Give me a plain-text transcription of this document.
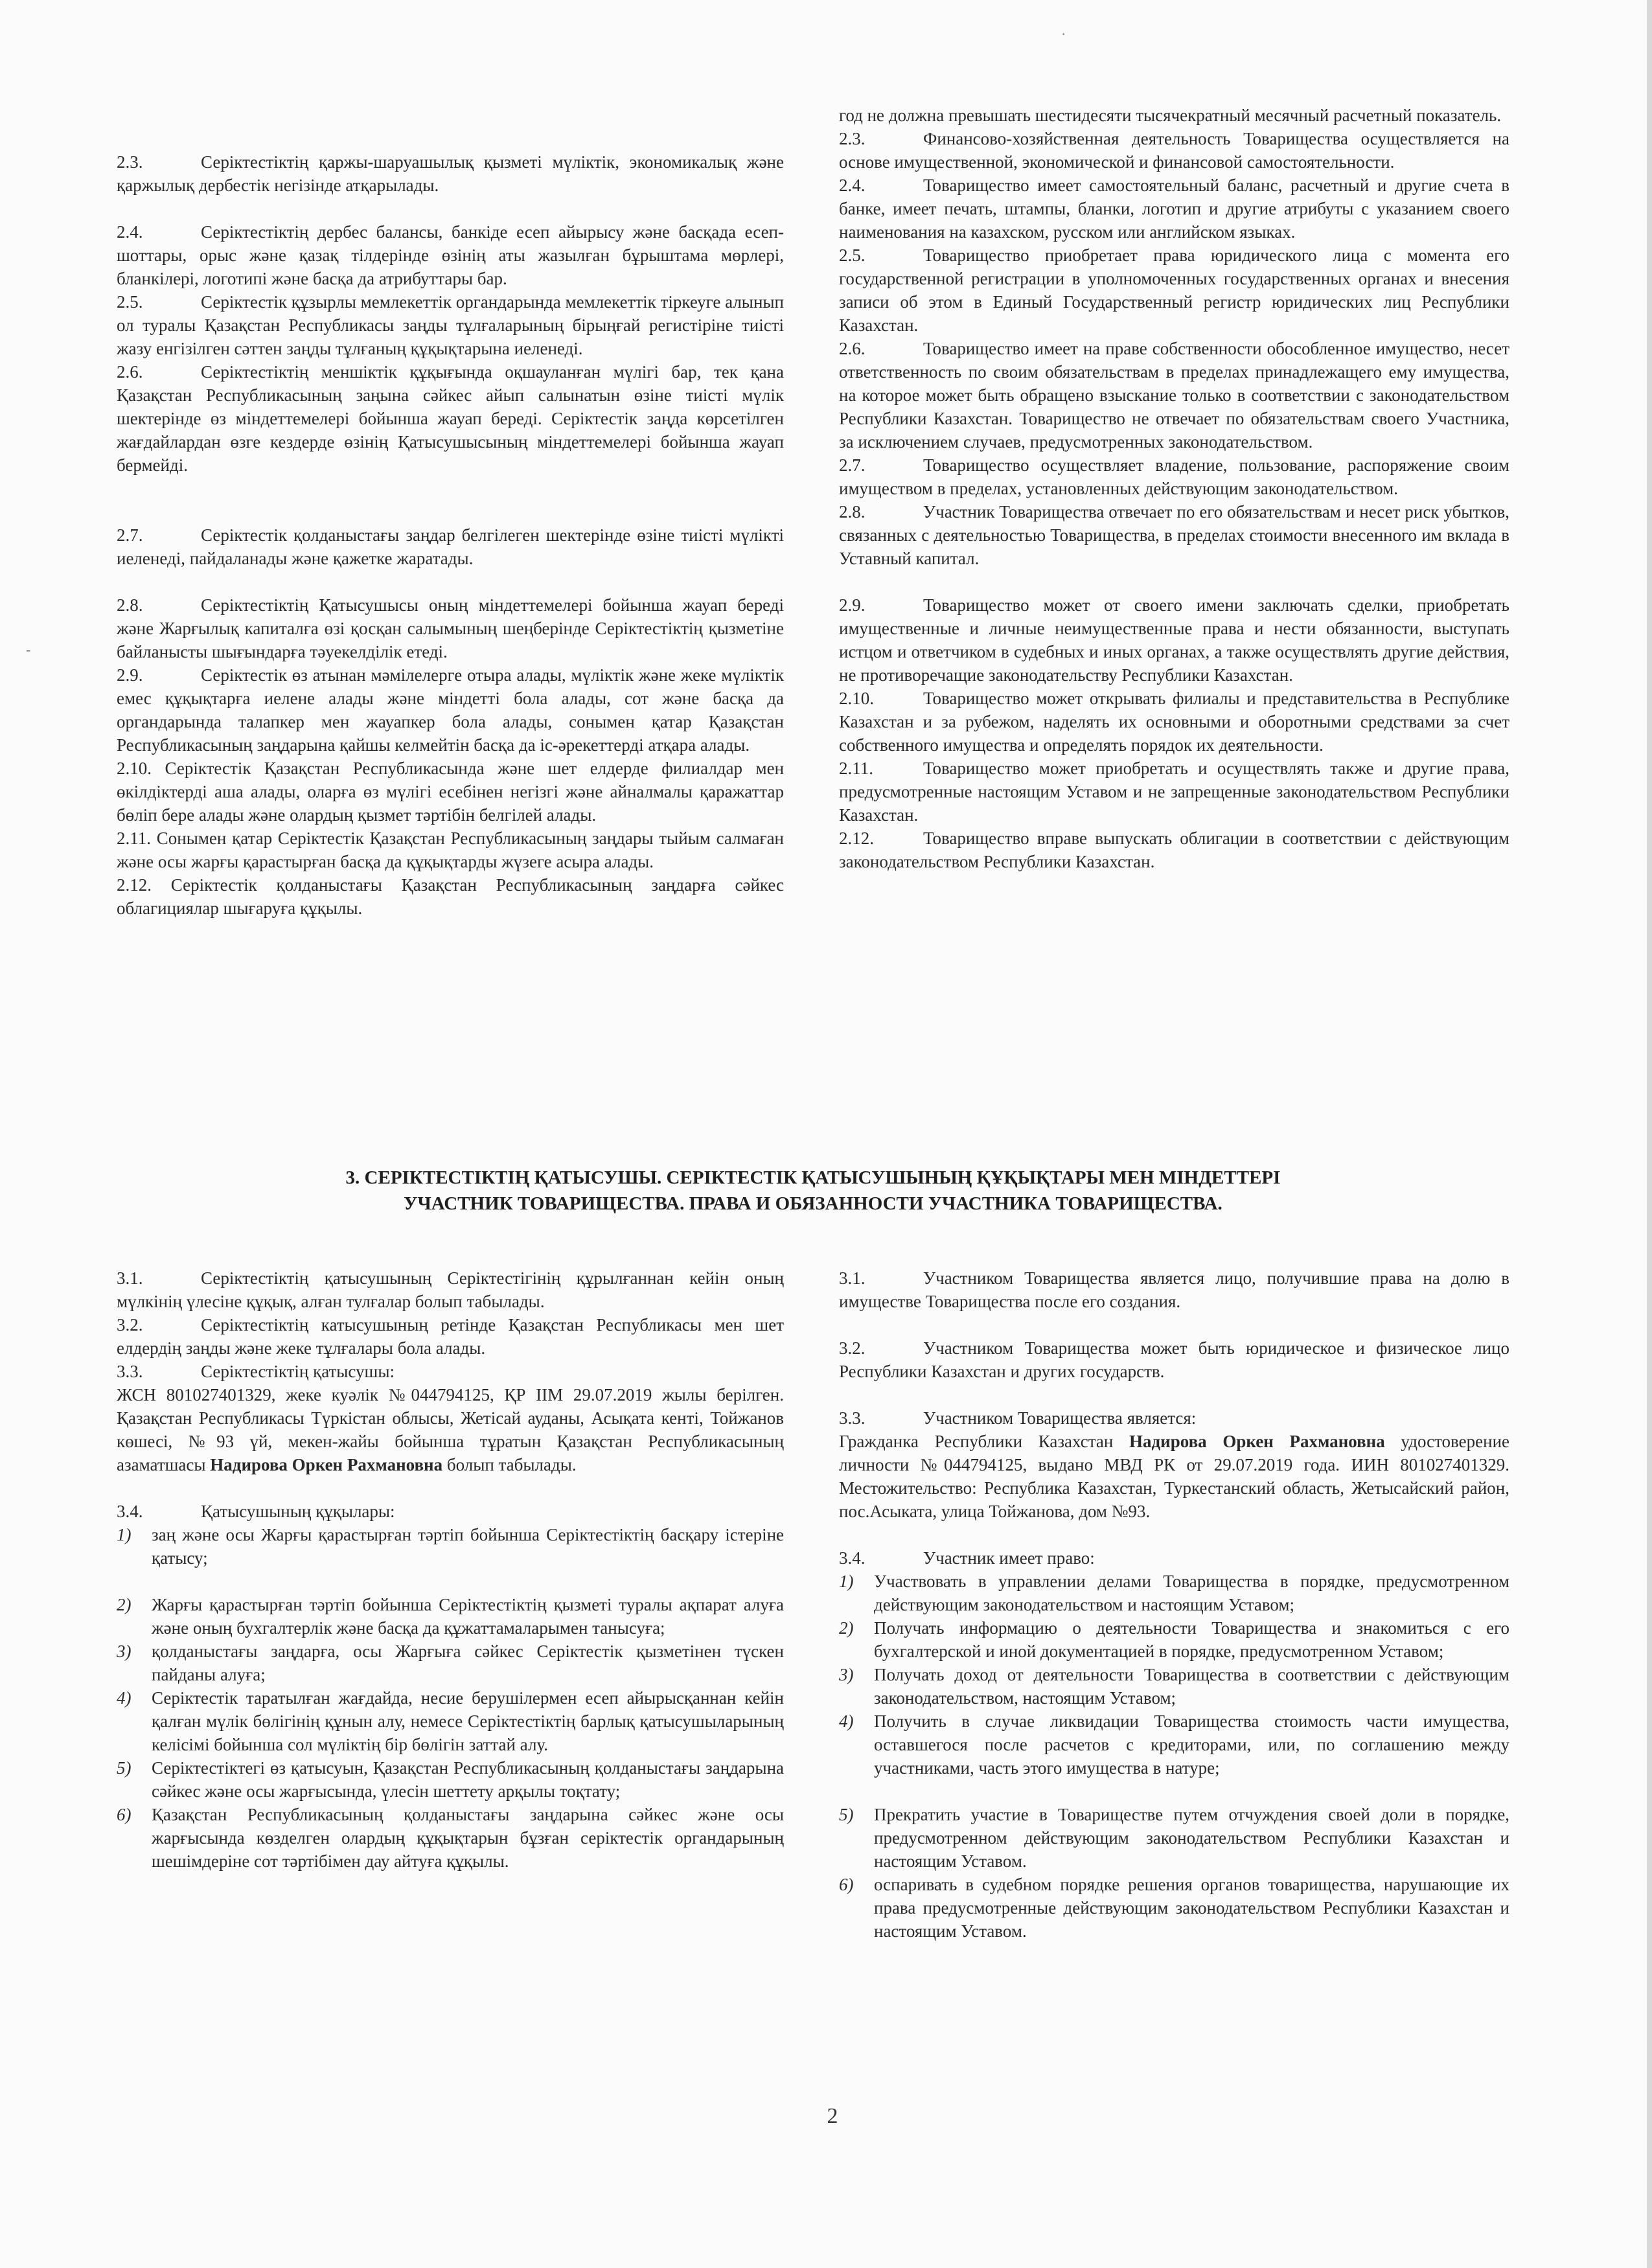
·
-

2.3.	Серіктестіктің қаржы-шаруашылық қызметі мүліктік, экономикалық және қаржылық дербестік негізінде атқарылады.

2.4.	Серіктестіктің дербес балансы, банкіде есеп айырысу және басқада есеп-шоттары, орыс және қазақ тілдерінде өзінің аты жазылған бұрыштама мөрлері, бланкілері, логотипі және басқа да атрибуттары бар.

2.5.	Серіктестік құзырлы мемлекеттік органдарында мемлекеттік тіркеуге алынып ол туралы Қазақстан Республикасы заңды тұлғаларының бірыңғай регистіріне тиісті жазу енгізілген сәттен заңды тұлғаның құқықтарына иеленеді.

2.6.	Серіктестіктің меншіктік құқығында оқшауланған мүлігі бар, тек қана Қазақстан Республикасының заңына сәйкес айып салынатын өзіне тиісті мүлік шектерінде өз міндеттемелері бойынша жауап береді. Серіктестік заңда көрсетілген жағдайлардан өзге кездерде өзінің Қатысушысының міндеттемелері бойынша жауап бермейді.

2.7.	Серіктестік қолданыстағы заңдар белгілеген шектерінде өзіне тиісті мүлікті иеленеді, пайдаланады және қажетке жаратады.

2.8.	Серіктестіктің Қатысушысы оның міндеттемелері бойынша жауап береді және Жарғылық капиталға өзі қосқан салымының шеңберінде Серіктестіктің қызметіне байланысты шығындарға тәуекелділік етеді.

2.9.	Серіктестік өз атынан мәмілелерге отыра алады, мүліктік және жеке мүліктік емес құқықтарға иелене алады және міндетті бола алады, сот және басқа да органдарында талапкер мен жауапкер бола алады, сонымен қатар Қазақстан Республикасының заңдарына қайшы келмейтін басқа да іс-әрекеттерді атқара алады.

2.10. Серіктестік Қазақстан Республикасында және шет елдерде филиалдар мен өкілдіктерді аша алады, оларға өз мүлігі есебінен негізгі және айналмалы қаражаттар бөліп бере алады және олардың қызмет тәртібін белгілей алады.

2.11. Сонымен қатар Серіктестік Қазақстан Республикасының заңдары тыйым салмаған және осы жарғы қарастырған басқа да құқықтарды жүзеге асыра алады.

2.12. Серіктестік қолданыстағы Қазақстан Республикасының заңдарға сәйкес облагициялар шығаруға құқылы.

год не должна превышать шестидесяти тысячекратный месячный расчетный показатель.

2.3.	Финансово-хозяйственная деятельность Товарищества осуществляется на основе имущественной, экономической и финансовой самостоятельности.

2.4.	Товарищество имеет самостоятельный баланс, расчетный и другие счета в банке, имеет печать, штампы, бланки, логотип и другие атрибуты с указанием своего наименования на казахском, русском или английском языках.

2.5.	Товарищество приобретает права юридического лица с момента его государственной регистрации в уполномоченных государственных органах и внесения записи об этом в Единый Государственный регистр юридических лиц Республики Казахстан.

2.6.	Товарищество имеет на праве собственности обособленное имущество, несет ответственность по своим обязательствам в пределах принадлежащего ему имущества, на которое может быть обращено взыскание только в соответствии с законодательством Республики Казахстан. Товарищество не отвечает по обязательствам своего Участника, за исключением случаев, предусмотренных законодательством.

2.7.	Товарищество осуществляет владение, пользование, распоряжение своим имуществом в пределах, установленных действующим законодательством.

2.8.	Участник Товарищества отвечает по его обязательствам и несет риск убытков, связанных с деятельностью Товарищества, в пределах стоимости внесенного им вклада в Уставный капитал.

2.9.	Товарищество может от своего имени заключать сделки, приобретать имущественные и личные неимущественные права и нести обязанности, выступать истцом и ответчиком в судебных и иных органах, а также осуществлять другие действия, не противоречащие законодательству Республики Казахстан.

2.10.	Товарищество может открывать филиалы и представительства в Республике Казахстан и за рубежом, наделять их основными и оборотными средствами за счет собственного имущества и определять порядок их деятельности.

2.11.	Товарищество может приобретать и осуществлять также и другие права, предусмотренные настоящим Уставом и не запрещенные законодательством Республики Казахстан.

2.12.	Товарищество вправе выпускать облигации в соответствии с действующим законодательством Республики Казахстан.

3. СЕРІКТЕСТІКТІҢ ҚАТЫСУШЫ. СЕРІКТЕСТІК ҚАТЫСУШЫНЫҢ ҚҰҚЫҚТАРЫ МЕН МІНДЕТТЕРІ
УЧАСТНИК ТОВАРИЩЕСТВА. ПРАВА И ОБЯЗАННОСТИ УЧАСТНИКА ТОВАРИЩЕСТВА.

3.1.	Серіктестіктің қатысушының Серіктестігінің құрылғаннан кейін оның мүлкінің үлесіне құқық, алған тулғалар болып табылады.

3.2.	Серіктестіктің катысушының ретінде Қазақстан Республикасы мен шет елдердің заңды және жеке тұлғалары бола алады.

3.3.	Серіктестіктің қатысушы:

ЖСН 801027401329, жеке куәлік №044794125, ҚР ІІМ 29.07.2019 жылы берілген. Қазақстан Республикасы Түркістан облысы, Жетісай ауданы, Асықата кенті, Тойжанов көшесі, №93 үй, мекен-жайы бойынша тұратын Қазақстан Республикасының азаматшасы Надирова Оркен Рахмановна болып табылады.

3.4.	Қатысушының құқылары:

1) заң және осы Жарғы қарастырған тәртіп бойынша Серіктестіктің басқару істеріне қатысу;

2) Жарғы қарастырған тәртіп бойынша Серіктестіктің қызметі туралы ақпарат алуға және оның бухгалтерлік және басқа да құжаттамаларымен танысуға;

3) қолданыстағы заңдарға, осы Жарғыға сәйкес Серіктестік қызметінен түскен пайданы алуға;

4) Серіктестік таратылған жағдайда, несие берушілермен есеп айырысқаннан кейін қалған мүлік бөлігінің құнын алу, немесе Серіктестіктің барлық қатысушыларының келісімі бойынша сол мүліктің бір бөлігін заттай алу.

5) Серіктестіктегі өз қатысуын, Қазақстан Республикасының қолданыстағы заңдарына сәйкес және осы жарғысында, үлесін шеттету арқылы тоқтату;

6) Қазақстан Республикасының қолданыстағы заңдарына сәйкес және осы жарғысында көзделген олардың құқықтарын бұзған серіктестік органдарының шешімдеріне сот тәртібімен дау айтуға құқылы.

3.1.	Участником Товарищества является лицо, получившие права на долю в имуществе Товарищества после его создания.

3.2.	Участником Товарищества может быть юридическое и физическое лицо Республики Казахстан и других государств.

3.3.	Участником Товарищества является:

Гражданка Республики Казахстан Надирова Оркен Рахмановна удостоверение личности №044794125, выдано МВД РК от 29.07.2019 года. ИИН 801027401329. Местожительство: Республика Казахстан, Туркестанский область, Жетысайский район, пос.Асыката, улица Тойжанова, дом №93.

3.4.	Участник имеет право:

1) Участвовать в управлении делами Товарищества в порядке, предусмотренном действующим законодательством и настоящим Уставом;

2) Получать информацию о деятельности Товарищества и знакомиться с его бухгалтерской и иной документацией в порядке, предусмотренном Уставом;

3) Получать доход от деятельности Товарищества в соответствии с действующим законодательством, настоящим Уставом;

4) Получить в случае ликвидации Товарищества стоимость части имущества, оставшегося после расчетов с кредиторами, или, по соглашению между участниками, часть этого имущества в натуре;

5) Прекратить участие в Товариществе путем отчуждения своей доли в порядке, предусмотренном действующим законодательством Республики Казахстан и настоящим Уставом.

6) оспаривать в судебном порядке решения органов товарищества, нарушающие их права предусмотренные действующим законодательством Республики Казахстан и настоящим Уставом.

2
